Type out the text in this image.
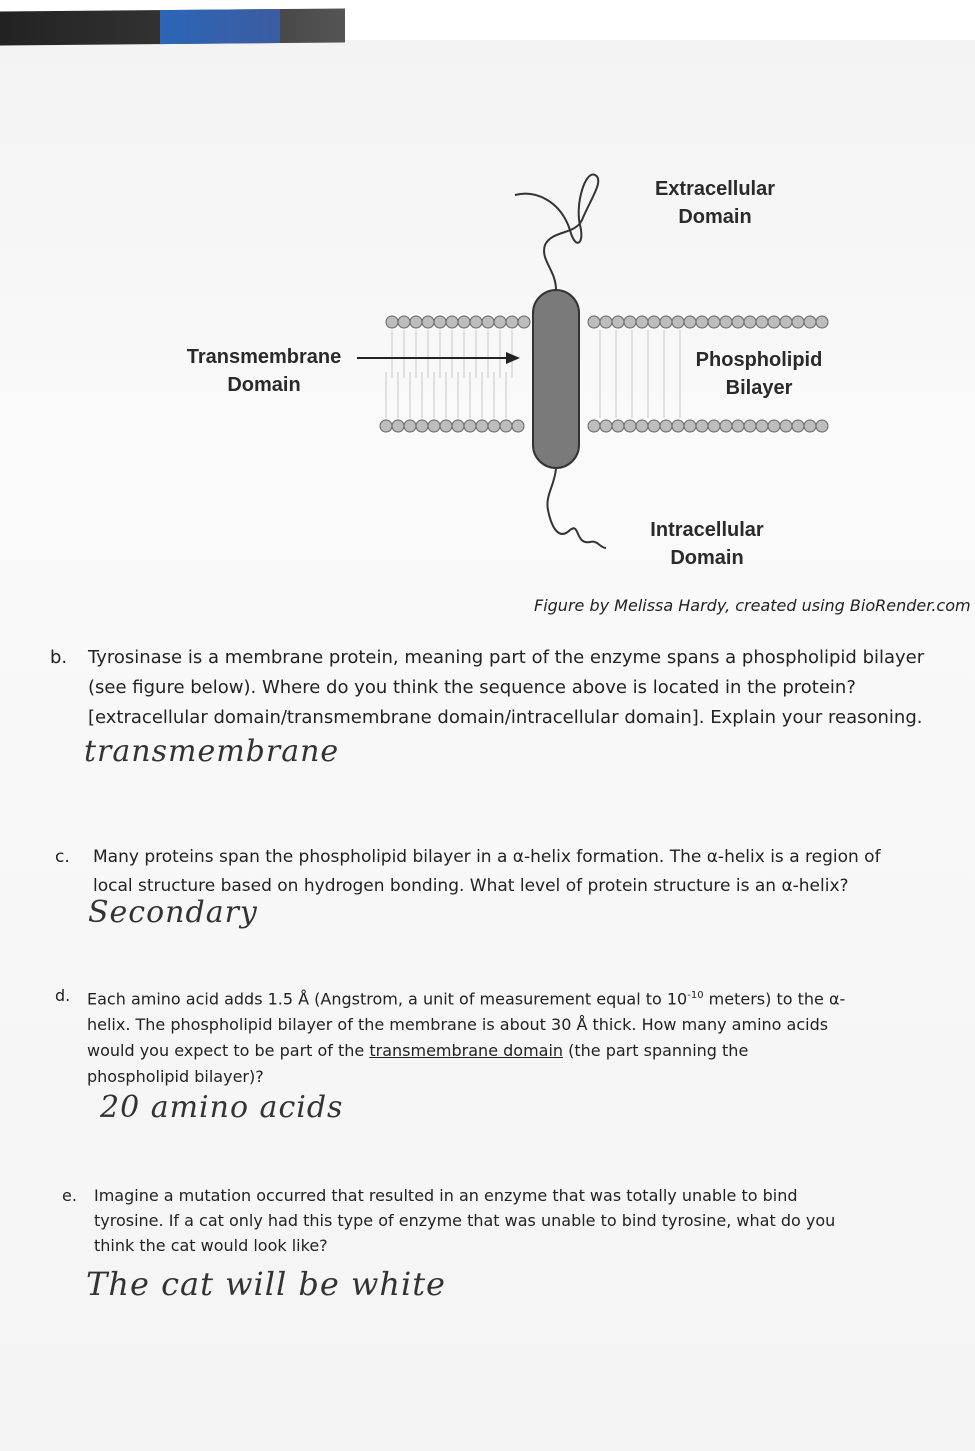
Extracellular
Domain
Transmembrane
Domain
Phospholipid
Bilayer
Intracellular
Domain
Figure by Melissa Hardy, created using BioRender.com
b. Tyrosinase is a membrane protein, meaning part of the enzyme spans a phospholipid bilayer
(see figure below). Where do you think the sequence above is located in the protein?
[extracellular domain/transmembrane domain/intracellular domain]. Explain your reasoning.
transmembrane
c. Many proteins span the phospholipid bilayer in a α-helix formation. The α-helix is a region of
local structure based on hydrogen bonding. What level of protein structure is an α-helix?
Secondary
d. Each amino acid adds 1.5 Å (Angstrom, a unit of measurement equal to $10^{-10}$ meters) to the α-
helix. The phospholipid bilayer of the membrane is about 30 Å thick. How many amino acids
would you expect to be part of the transmembrane domain (the part spanning the
phospholipid bilayer)?
20 amino acids
e. Imagine a mutation occurred that resulted in an enzyme that was totally unable to bind
tyrosine. If a cat only had this type of enzyme that was unable to bind tyrosine, what do you
think the cat would look like?
The cat will be white
